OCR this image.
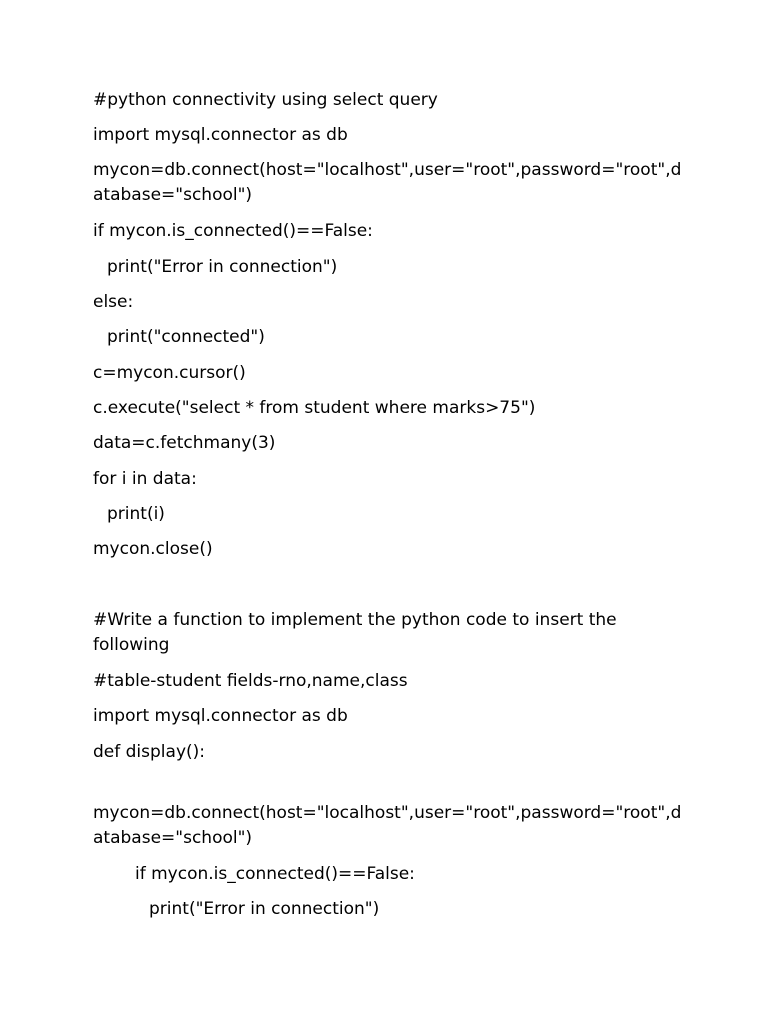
#python connectivity using select query

import mysql.connector as db

mycon=db.connect(host="localhost",user="root",password="root",d

atabase="school")

if mycon.is_connected()==False:

print("Error in connection")

else:

print("connected")

c=mycon.cursor()

c.execute("select * from student where marks>75")

data=c.fetchmany(3)

for i in data:

print(i)

mycon.close()

#Write a function to implement the python code to insert the

following

#table-student fields-rno,name,class

import mysql.connector as db

def display():

mycon=db.connect(host="localhost",user="root",password="root",d

atabase="school")

if mycon.is_connected()==False:

print("Error in connection")
